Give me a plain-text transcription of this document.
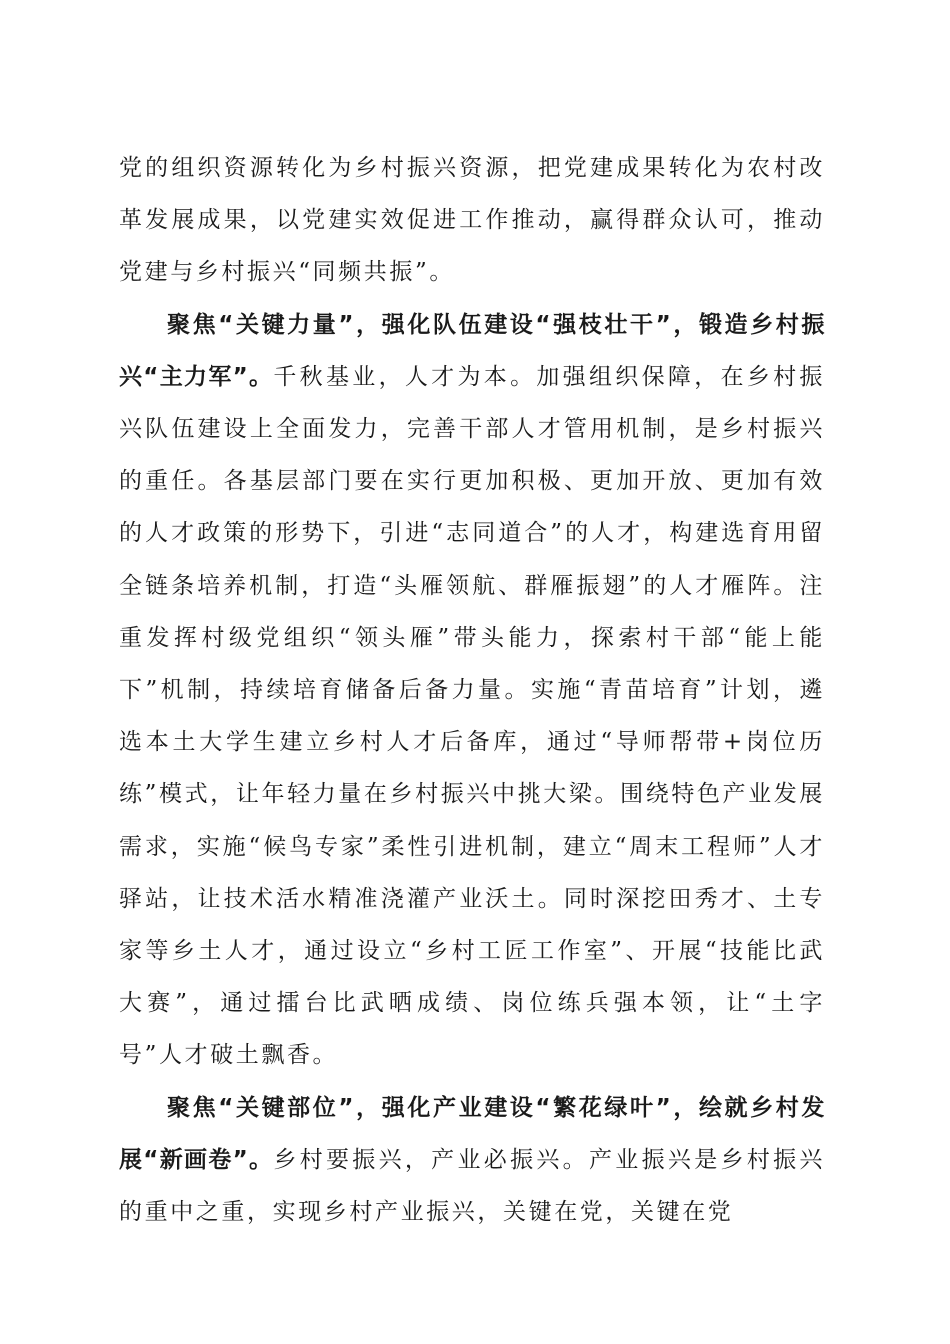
党的组织资源转化为乡村振兴资源，把党建成果转化为农村改革发展成果，以党建实效促进工作推动，赢得群众认可，推动党建与乡村振兴“同频共振”。

聚焦“关键力量”，强化队伍建设“强枝壮干”，锻造乡村振兴“主力军”。千秋基业，人才为本。加强组织保障，在乡村振兴队伍建设上全面发力，完善干部人才管用机制，是乡村振兴的重任。各基层部门要在实行更加积极、更加开放、更加有效的人才政策的形势下，引进“志同道合”的人才，构建选育用留全链条培养机制，打造“头雁领航、群雁振翅”的人才雁阵。注重发挥村级党组织“领头雁”带头能力，探索村干部“能上能下”机制，持续培育储备后备力量。实施“青苗培育”计划，遴选本土大学生建立乡村人才后备库，通过“导师帮带+岗位历练”模式，让年轻力量在乡村振兴中挑大梁。围绕特色产业发展需求，实施“候鸟专家”柔性引进机制，建立“周末工程师”人才驿站，让技术活水精准浇灌产业沃土。同时深挖田秀才、土专家等乡土人才，通过设立“乡村工匠工作室”、开展“技能比武大赛”，通过擂台比武晒成绩、岗位练兵强本领，让“土字号”人才破土飘香。

聚焦“关键部位”，强化产业建设“繁花绿叶”，绘就乡村发展“新画卷”。乡村要振兴，产业必振兴。产业振兴是乡村振兴的重中之重，实现乡村产业振兴，关键在党，关键在党
